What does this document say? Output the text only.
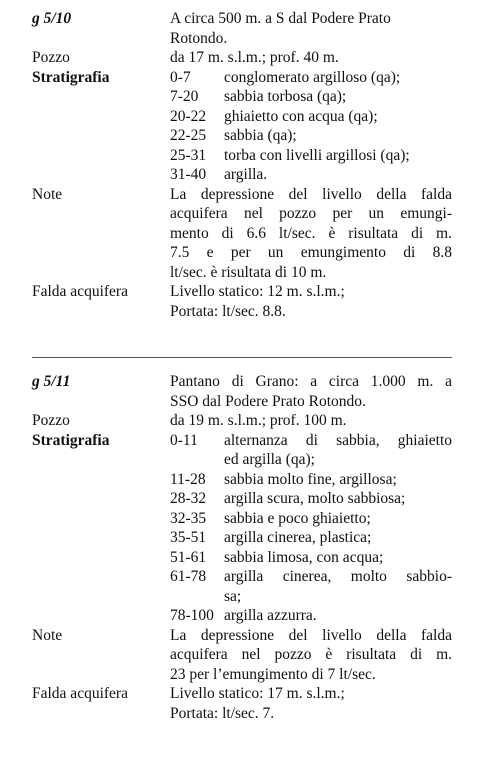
g 5/10	A circa 500 m. a S dal Podere Prato
Rotondo.
Pozzo	da 17 m. s.l.m.; prof. 40 m.
Stratigrafia	0-7	conglomerato argilloso (qa);
7-20	sabbia torbosa (qa);
20-22	ghiaietto con acqua (qa);
22-25	sabbia (qa);
25-31	torba con livelli argillosi (qa);
31-40	argilla.
Note	La depressione del livello della falda
acquifera nel pozzo per un emungi-
mento di 6.6 lt/sec. è risultata di m.
7.5 e per un emungimento di 8.8
lt/sec. è risultata di 10 m.
Falda acquifera	Livello statico: 12 m. s.l.m.;
Portata: lt/sec. 8.8.
g 5/11	Pantano di Grano: a circa 1.000 m. a
SSO dal Podere Prato Rotondo.
Pozzo	da 19 m. s.l.m.; prof. 100 m.
Stratigrafia	0-11	alternanza di sabbia, ghiaietto
ed argilla (qa);
11-28	sabbia molto fine, argillosa;
28-32	argilla scura, molto sabbiosa;
32-35	sabbia e poco ghiaietto;
35-51	argilla cinerea, plastica;
51-61	sabbia limosa, con acqua;
61-78	argilla cinerea, molto sabbio-
sa;
78-100 argilla azzurra.
Note	La depressione del livello della falda
acquifera nel pozzo è risultata di m.
23 per l’emungimento di 7 lt/sec.
Falda acquifera	Livello statico: 17 m. s.l.m.;
Portata: lt/sec. 7.
